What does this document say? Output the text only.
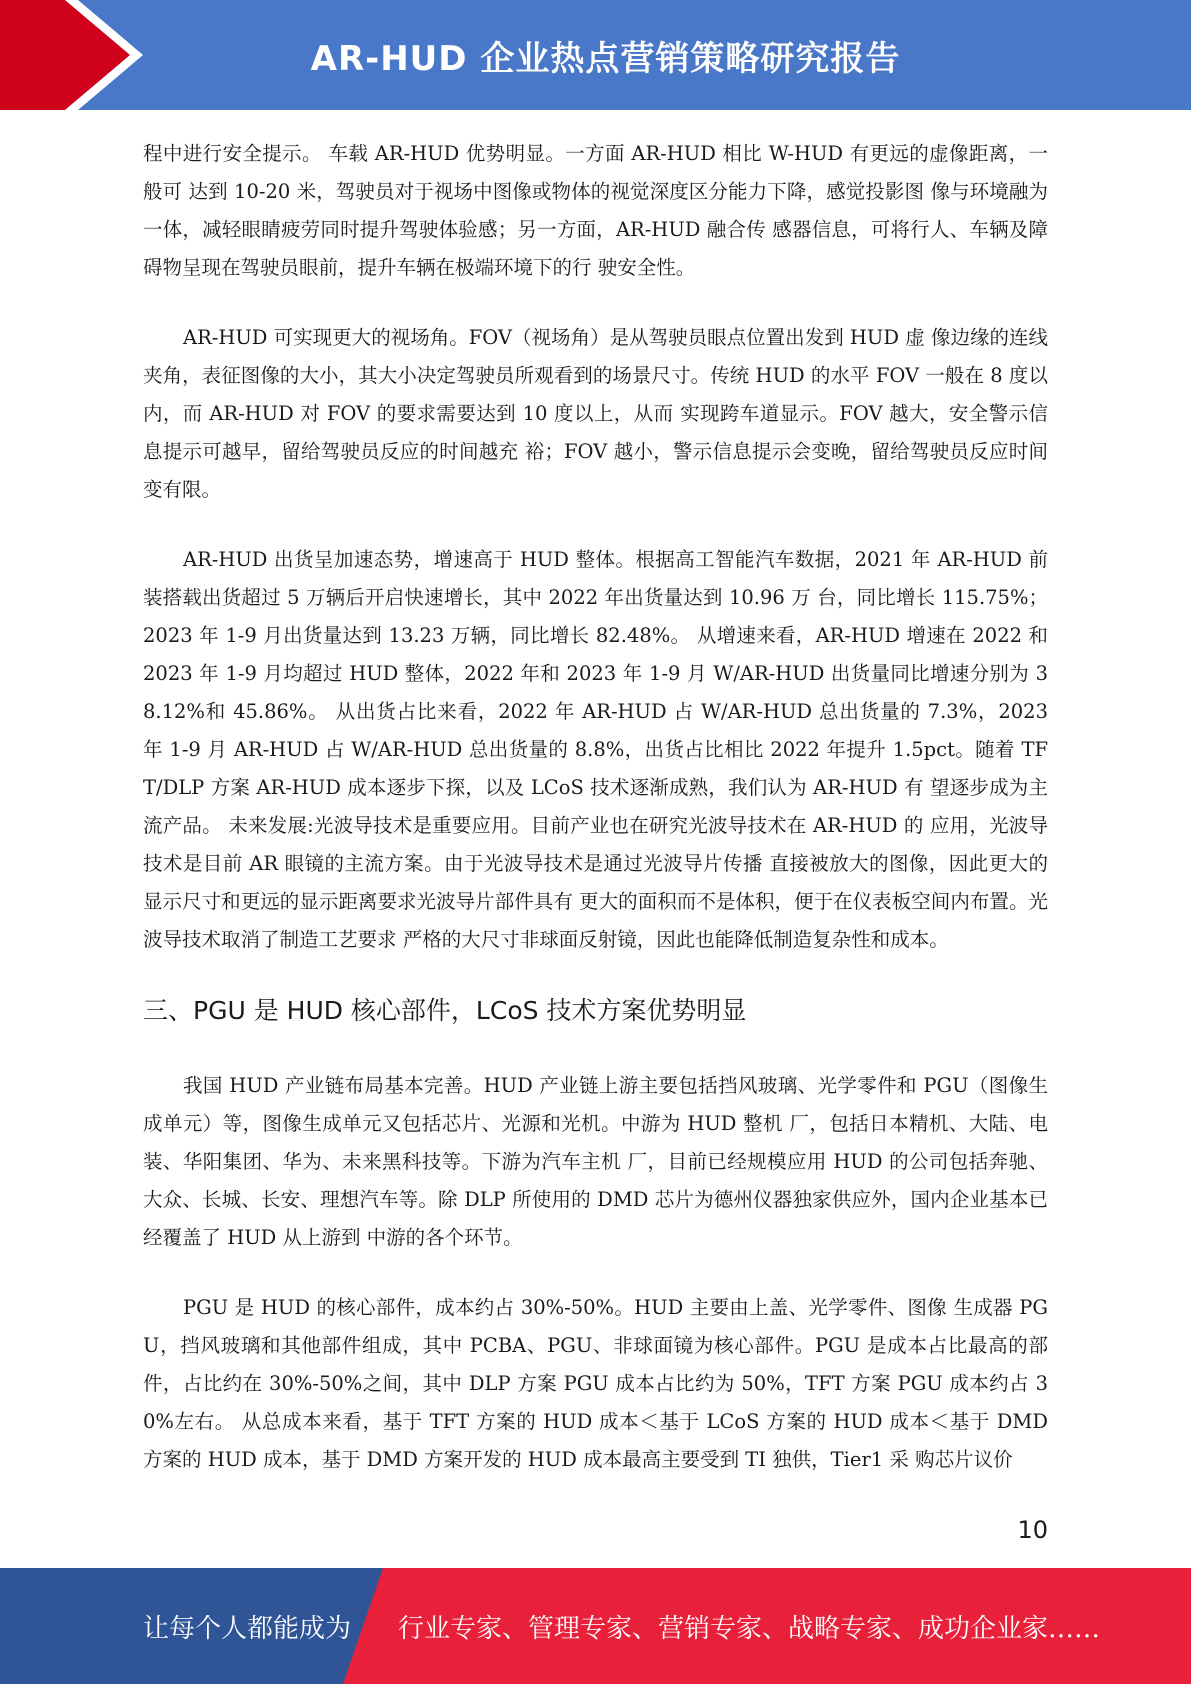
AR-HUD 企业热点营销策略研究报告

程中进行安全提示。 车载 AR-HUD 优势明显。一方面 AR-HUD 相比 W-HUD 有更远的虚像距离，一般可 达到 10-20 米，驾驶员对于视场中图像或物体的视觉深度区分能力下降，感觉投影图 像与环境融为一体，减轻眼睛疲劳同时提升驾驶体验感；另一方面，AR-HUD 融合传 感器信息，可将行人、车辆及障碍物呈现在驾驶员眼前，提升车辆在极端环境下的行 驶安全性。

AR-HUD 可实现更大的视场角。FOV（视场角）是从驾驶员眼点位置出发到 HUD 虚 像边缘的连线夹角，表征图像的大小，其大小决定驾驶员所观看到的场景尺寸。传统 HUD 的水平 FOV 一般在 8 度以内，而 AR-HUD 对 FOV 的要求需要达到 10 度以上，从而 实现跨车道显示。FOV 越大，安全警示信息提示可越早，留给驾驶员反应的时间越充 裕；FOV 越小，警示信息提示会变晚，留给驾驶员反应时间变有限。

AR-HUD 出货呈加速态势，增速高于 HUD 整体。根据高工智能汽车数据，2021 年 AR-HUD 前装搭载出货超过 5 万辆后开启快速增长，其中 2022 年出货量达到 10.96 万 台，同比增长 115.75%；2023 年 1-9 月出货量达到 13.23 万辆，同比增长 82.48%。 从增速来看，AR-HUD 增速在 2022 和 2023 年 1-9 月均超过 HUD 整体，2022 年和 2023 年 1-9 月 W/AR-HUD 出货量同比增速分别为 38.12%和 45.86%。 从出货占比来看，2022 年 AR-HUD 占 W/AR-HUD 总出货量的 7.3%，2023 年 1-9 月 AR-HUD 占 W/AR-HUD 总出货量的 8.8%，出货占比相比 2022 年提升 1.5pct。随着 TFT/DLP 方案 AR-HUD 成本逐步下探，以及 LCoS 技术逐渐成熟，我们认为 AR-HUD 有 望逐步成为主流产品。 未来发展:光波导技术是重要应用。目前产业也在研究光波导技术在 AR-HUD 的 应用，光波导技术是目前 AR 眼镜的主流方案。由于光波导技术是通过光波导片传播 直接被放大的图像，因此更大的显示尺寸和更远的显示距离要求光波导片部件具有 更大的面积而不是体积，便于在仪表板空间内布置。光波导技术取消了制造工艺要求 严格的大尺寸非球面反射镜，因此也能降低制造复杂性和成本。

三、PGU 是 HUD 核心部件，LCoS 技术方案优势明显

我国 HUD 产业链布局基本完善。HUD 产业链上游主要包括挡风玻璃、光学零件和 PGU（图像生成单元）等，图像生成单元又包括芯片、光源和光机。中游为 HUD 整机 厂，包括日本精机、大陆、电装、华阳集团、华为、未来黑科技等。下游为汽车主机 厂，目前已经规模应用 HUD 的公司包括奔驰、大众、长城、长安、理想汽车等。除 DLP 所使用的 DMD 芯片为德州仪器独家供应外，国内企业基本已经覆盖了 HUD 从上游到 中游的各个环节。

PGU 是 HUD 的核心部件，成本约占 30%-50%。HUD 主要由上盖、光学零件、图像 生成器 PGU，挡风玻璃和其他部件组成，其中 PCBA、PGU、非球面镜为核心部件。PGU 是成本占比最高的部件，占比约在 30%-50%之间，其中 DLP 方案 PGU 成本占比约为 50%，TFT 方案 PGU 成本约占 30%左右。 从总成本来看，基于 TFT 方案的 HUD 成本＜基于 LCoS 方案的 HUD 成本＜基于 DMD 方案的 HUD 成本，基于 DMD 方案开发的 HUD 成本最高主要受到 TI 独供，Tier1 采 购芯片议价

10
让每个人都能成为 行业专家、管理专家、营销专家、战略专家、成功企业家……
